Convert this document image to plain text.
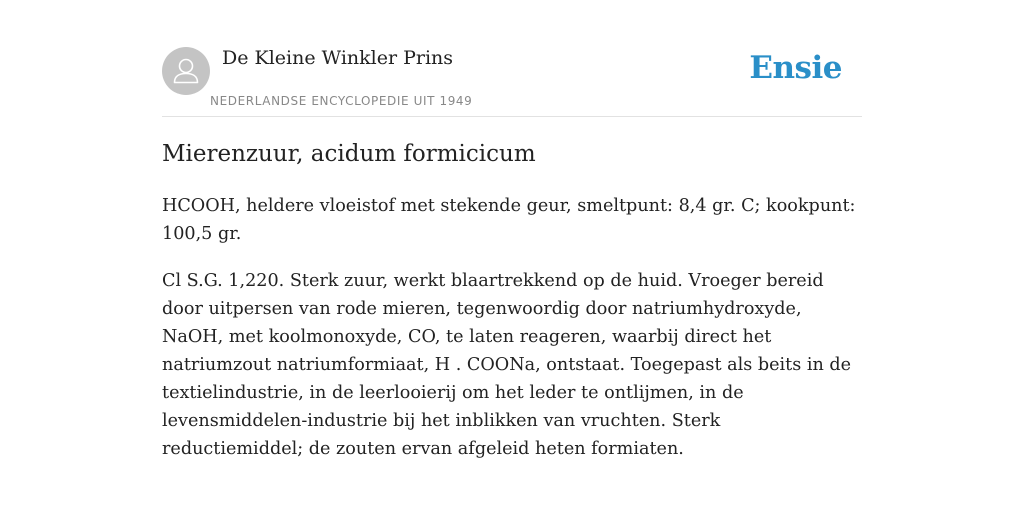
De Kleine Winkler Prins
NEDERLANDSE ENCYCLOPEDIE UIT 1949
Ensie
Mierenzuur, acidum formicicum

HCOOH, heldere vloeistof met stekende geur, smeltpunt: 8,4 gr. C; kookpunt: 100,5 gr.

Cl S.G. 1,220. Sterk zuur, werkt blaartrekkend op de huid. Vroeger bereid door uitpersen van rode mieren, tegenwoordig door natriumhydroxyde, NaOH, met koolmonoxyde, CO, te laten reageren, waarbij direct het natriumzout natriumformiaat, H . COONa, ontstaat. Toegepast als beits in de textielindustrie, in de leerlooierij om het leder te ontlijmen, in de levensmiddelen-industrie bij het inblikken van vruchten. Sterk reductiemiddel; de zouten ervan afgeleid heten formiaten.
